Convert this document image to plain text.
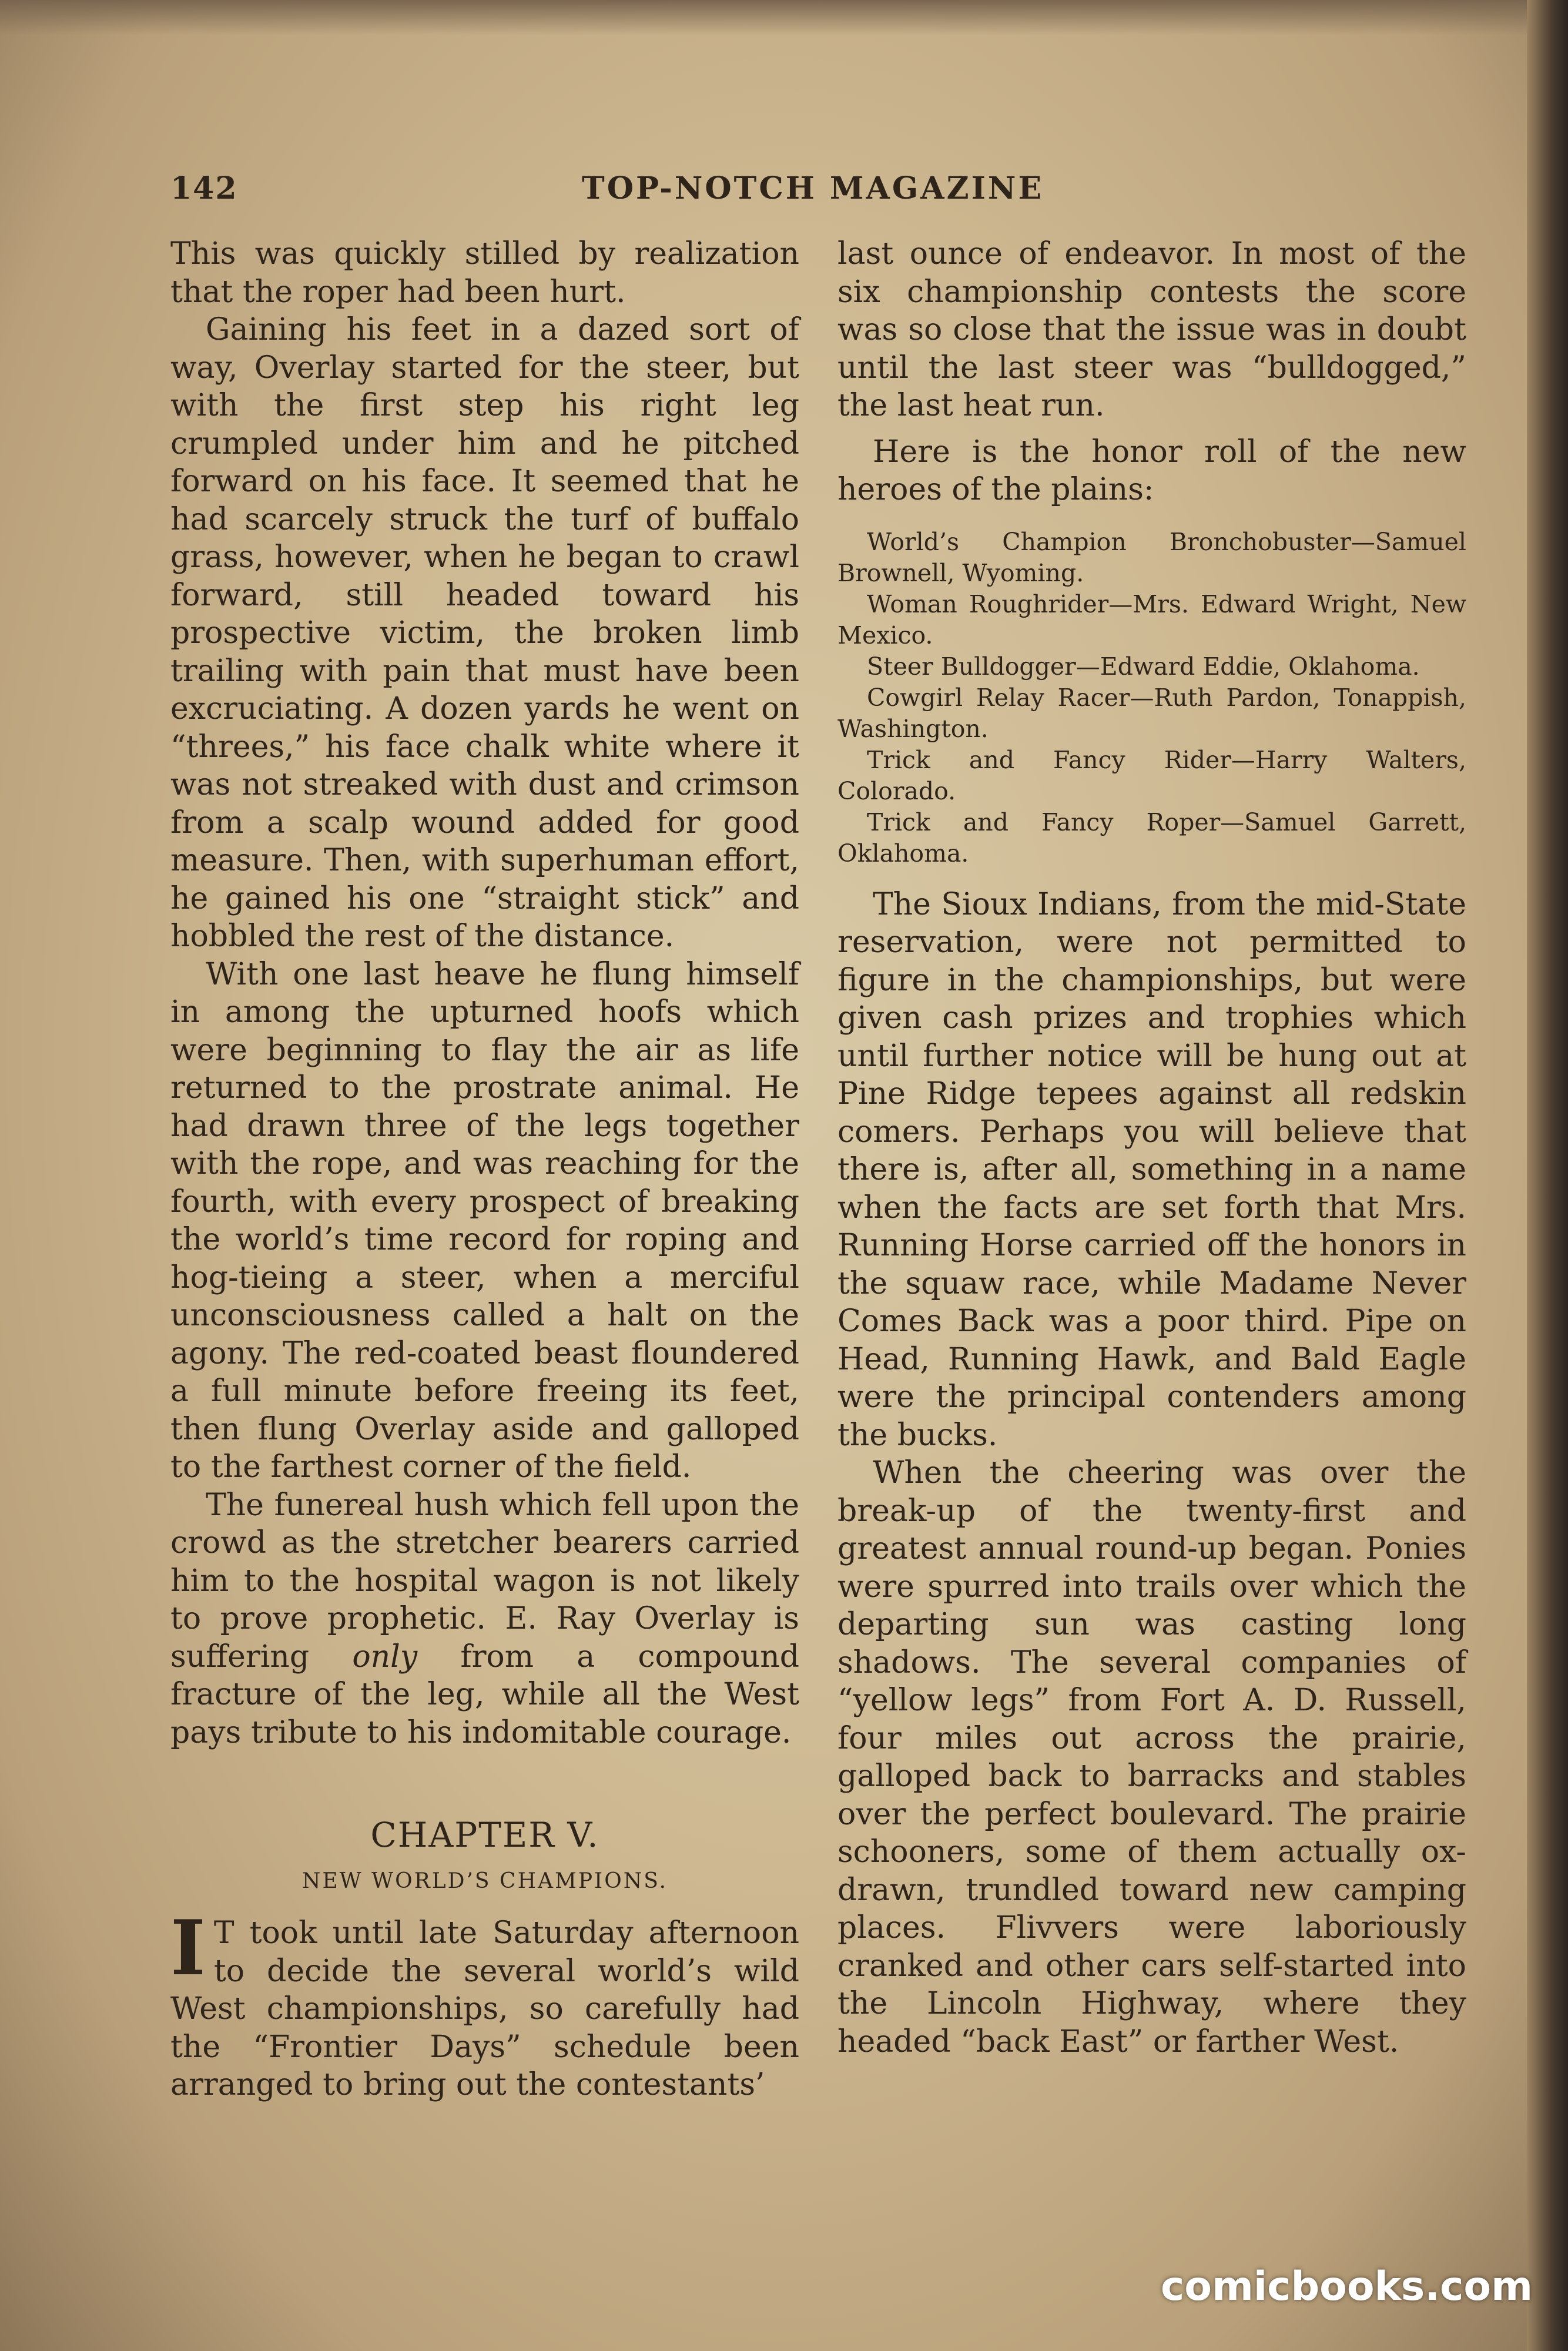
142	TOP-NOTCH MAGAZINE

This was quickly stilled by realization that the roper had been hurt.

Gaining his feet in a dazed sort of way, Overlay started for the steer, but with the first step his right leg crumpled under him and he pitched forward on his face. It seemed that he had scarcely struck the turf of buffalo grass, however, when he began to crawl forward, still headed toward his prospective victim, the broken limb trailing with pain that must have been excruciating. A dozen yards he went on “threes,” his face chalk white where it was not streaked with dust and crimson from a scalp wound added for good measure. Then, with superhuman effort, he gained his one “straight stick” and hobbled the rest of the distance.

With one last heave he flung himself in among the upturned hoofs which were beginning to flay the air as life returned to the prostrate animal. He had drawn three of the legs together with the rope, and was reaching for the fourth, with every prospect of breaking the world’s time record for roping and hog-tieing a steer, when a merciful unconsciousness called a halt on the agony. The red-coated beast floundered a full minute before freeing its feet, then flung Overlay aside and galloped to the farthest corner of the field.

The funereal hush which fell upon the crowd as the stretcher bearers carried him to the hospital wagon is not likely to prove prophetic. E. Ray Overlay is suffering only from a compound fracture of the leg, while all the West pays tribute to his indomitable courage.

CHAPTER V.
NEW WORLD’S CHAMPIONS.

I T took until late Saturday afternoon to decide the several world’s wild West championships, so carefully had the “Frontier Days” schedule been arranged to bring out the contestants’

last ounce of endeavor. In most of the six championship contests the score was so close that the issue was in doubt until the last steer was “bulldogged,” the last heat run.

Here is the honor roll of the new heroes of the plains:

World’s Champion Bronchobuster—Samuel Brownell, Wyoming.

Woman Roughrider—Mrs. Edward Wright, New Mexico.

Steer Bulldogger—Edward Eddie, Oklahoma.

Cowgirl Relay Racer—Ruth Pardon, Tonappish, Washington.

Trick and Fancy Rider—Harry Walters, Colorado.

Trick and Fancy Roper—Samuel Garrett, Oklahoma.

The Sioux Indians, from the mid-State reservation, were not permitted to figure in the championships, but were given cash prizes and trophies which until further notice will be hung out at Pine Ridge tepees against all redskin comers. Perhaps you will believe that there is, after all, something in a name when the facts are set forth that Mrs. Running Horse carried off the honors in the squaw race, while Madame Never Comes Back was a poor third. Pipe on Head, Running Hawk, and Bald Eagle were the principal contenders among the bucks.

When the cheering was over the break-up of the twenty-first and greatest annual round-up began. Ponies were spurred into trails over which the departing sun was casting long shadows. The several companies of “yellow legs” from Fort A. D. Russell, four miles out across the prairie, galloped back to barracks and stables over the perfect boulevard. The prairie schooners, some of them actually ox-drawn, trundled toward new camping places. Flivvers were laboriously cranked and other cars self-started into the Lincoln Highway, where they headed “back East” or farther West.

comicbooks.com
